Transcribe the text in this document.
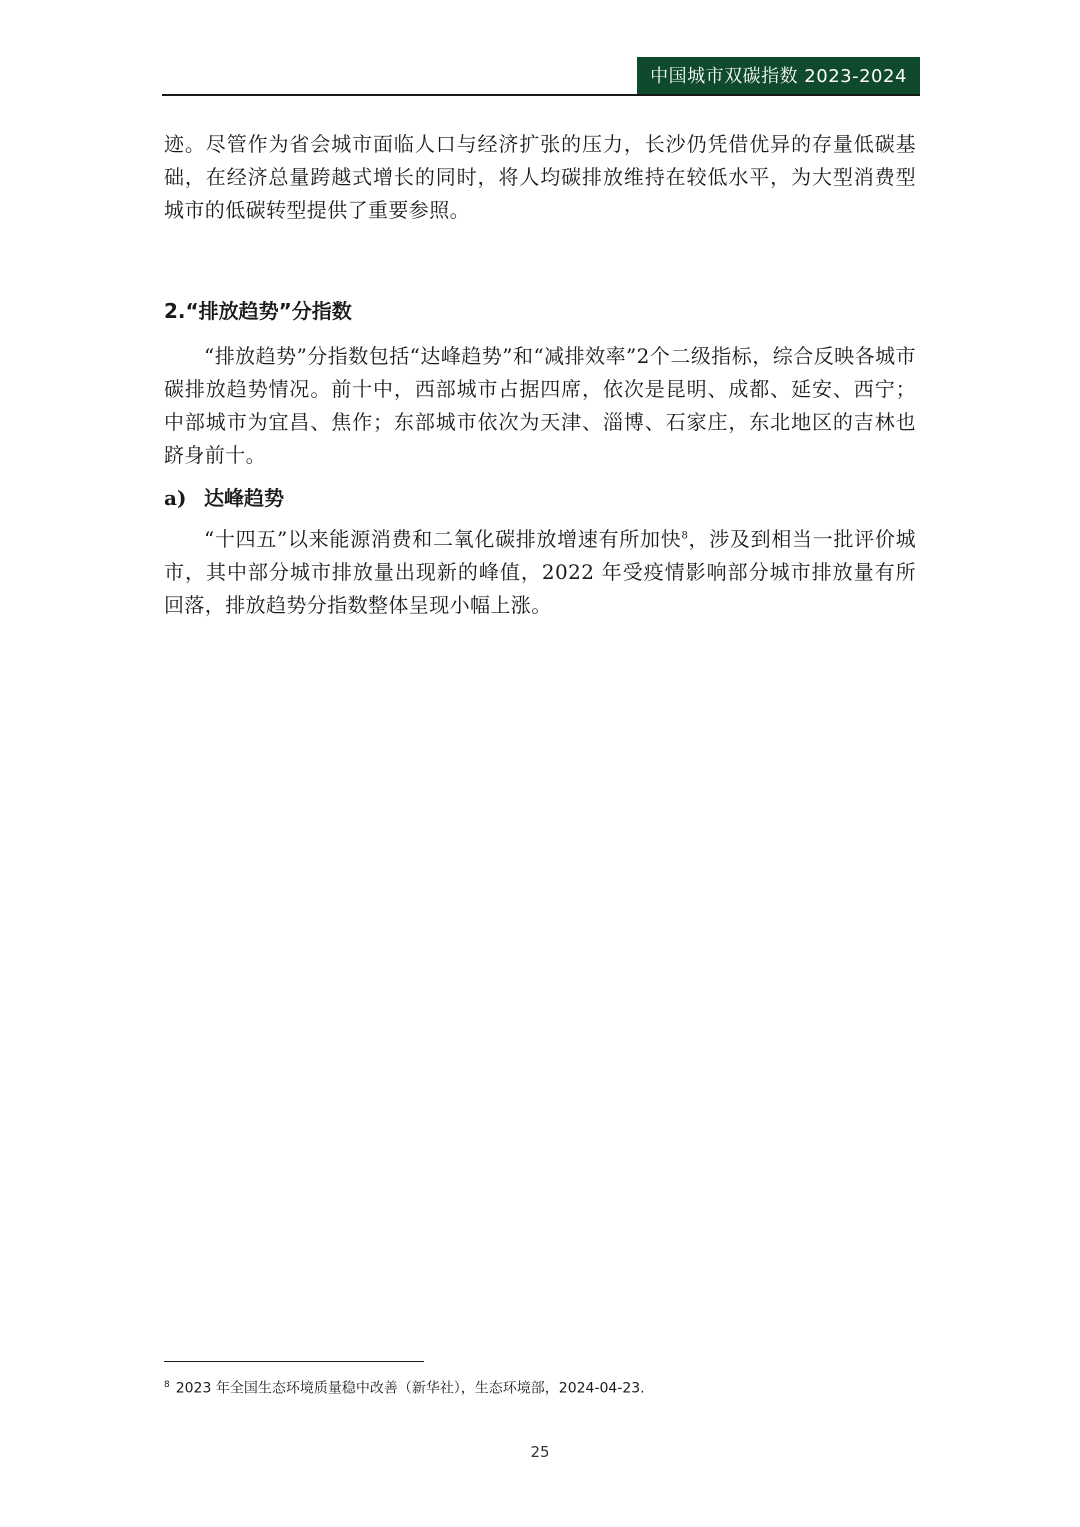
中国城市双碳指数 2023-2024

迹。尽管作为省会城市面临人口与经济扩张的压力，长沙仍凭借优异的存量低碳基础，在经济总量跨越式增长的同时，将人均碳排放维持在较低水平，为大型消费型城市的低碳转型提供了重要参照。

2.“排放趋势”分指数

“排放趋势”分指数包括“达峰趋势”和“减排效率”2个二级指标，综合反映各城市碳排放趋势情况。前十中，西部城市占据四席，依次是昆明、成都、延安、西宁；中部城市为宜昌、焦作；东部城市依次为天津、淄博、石家庄，东北地区的吉林也跻身前十。

a) 达峰趋势

“十四五”以来能源消费和二氧化碳排放增速有所加快$^8$，涉及到相当一批评价城市，其中部分城市排放量出现新的峰值，2022 年受疫情影响部分城市排放量有所回落，排放趋势分指数整体呈现小幅上涨。

$^8$ 2023 年全国生态环境质量稳中改善（新华社），生态环境部，2024-04-23.
25
